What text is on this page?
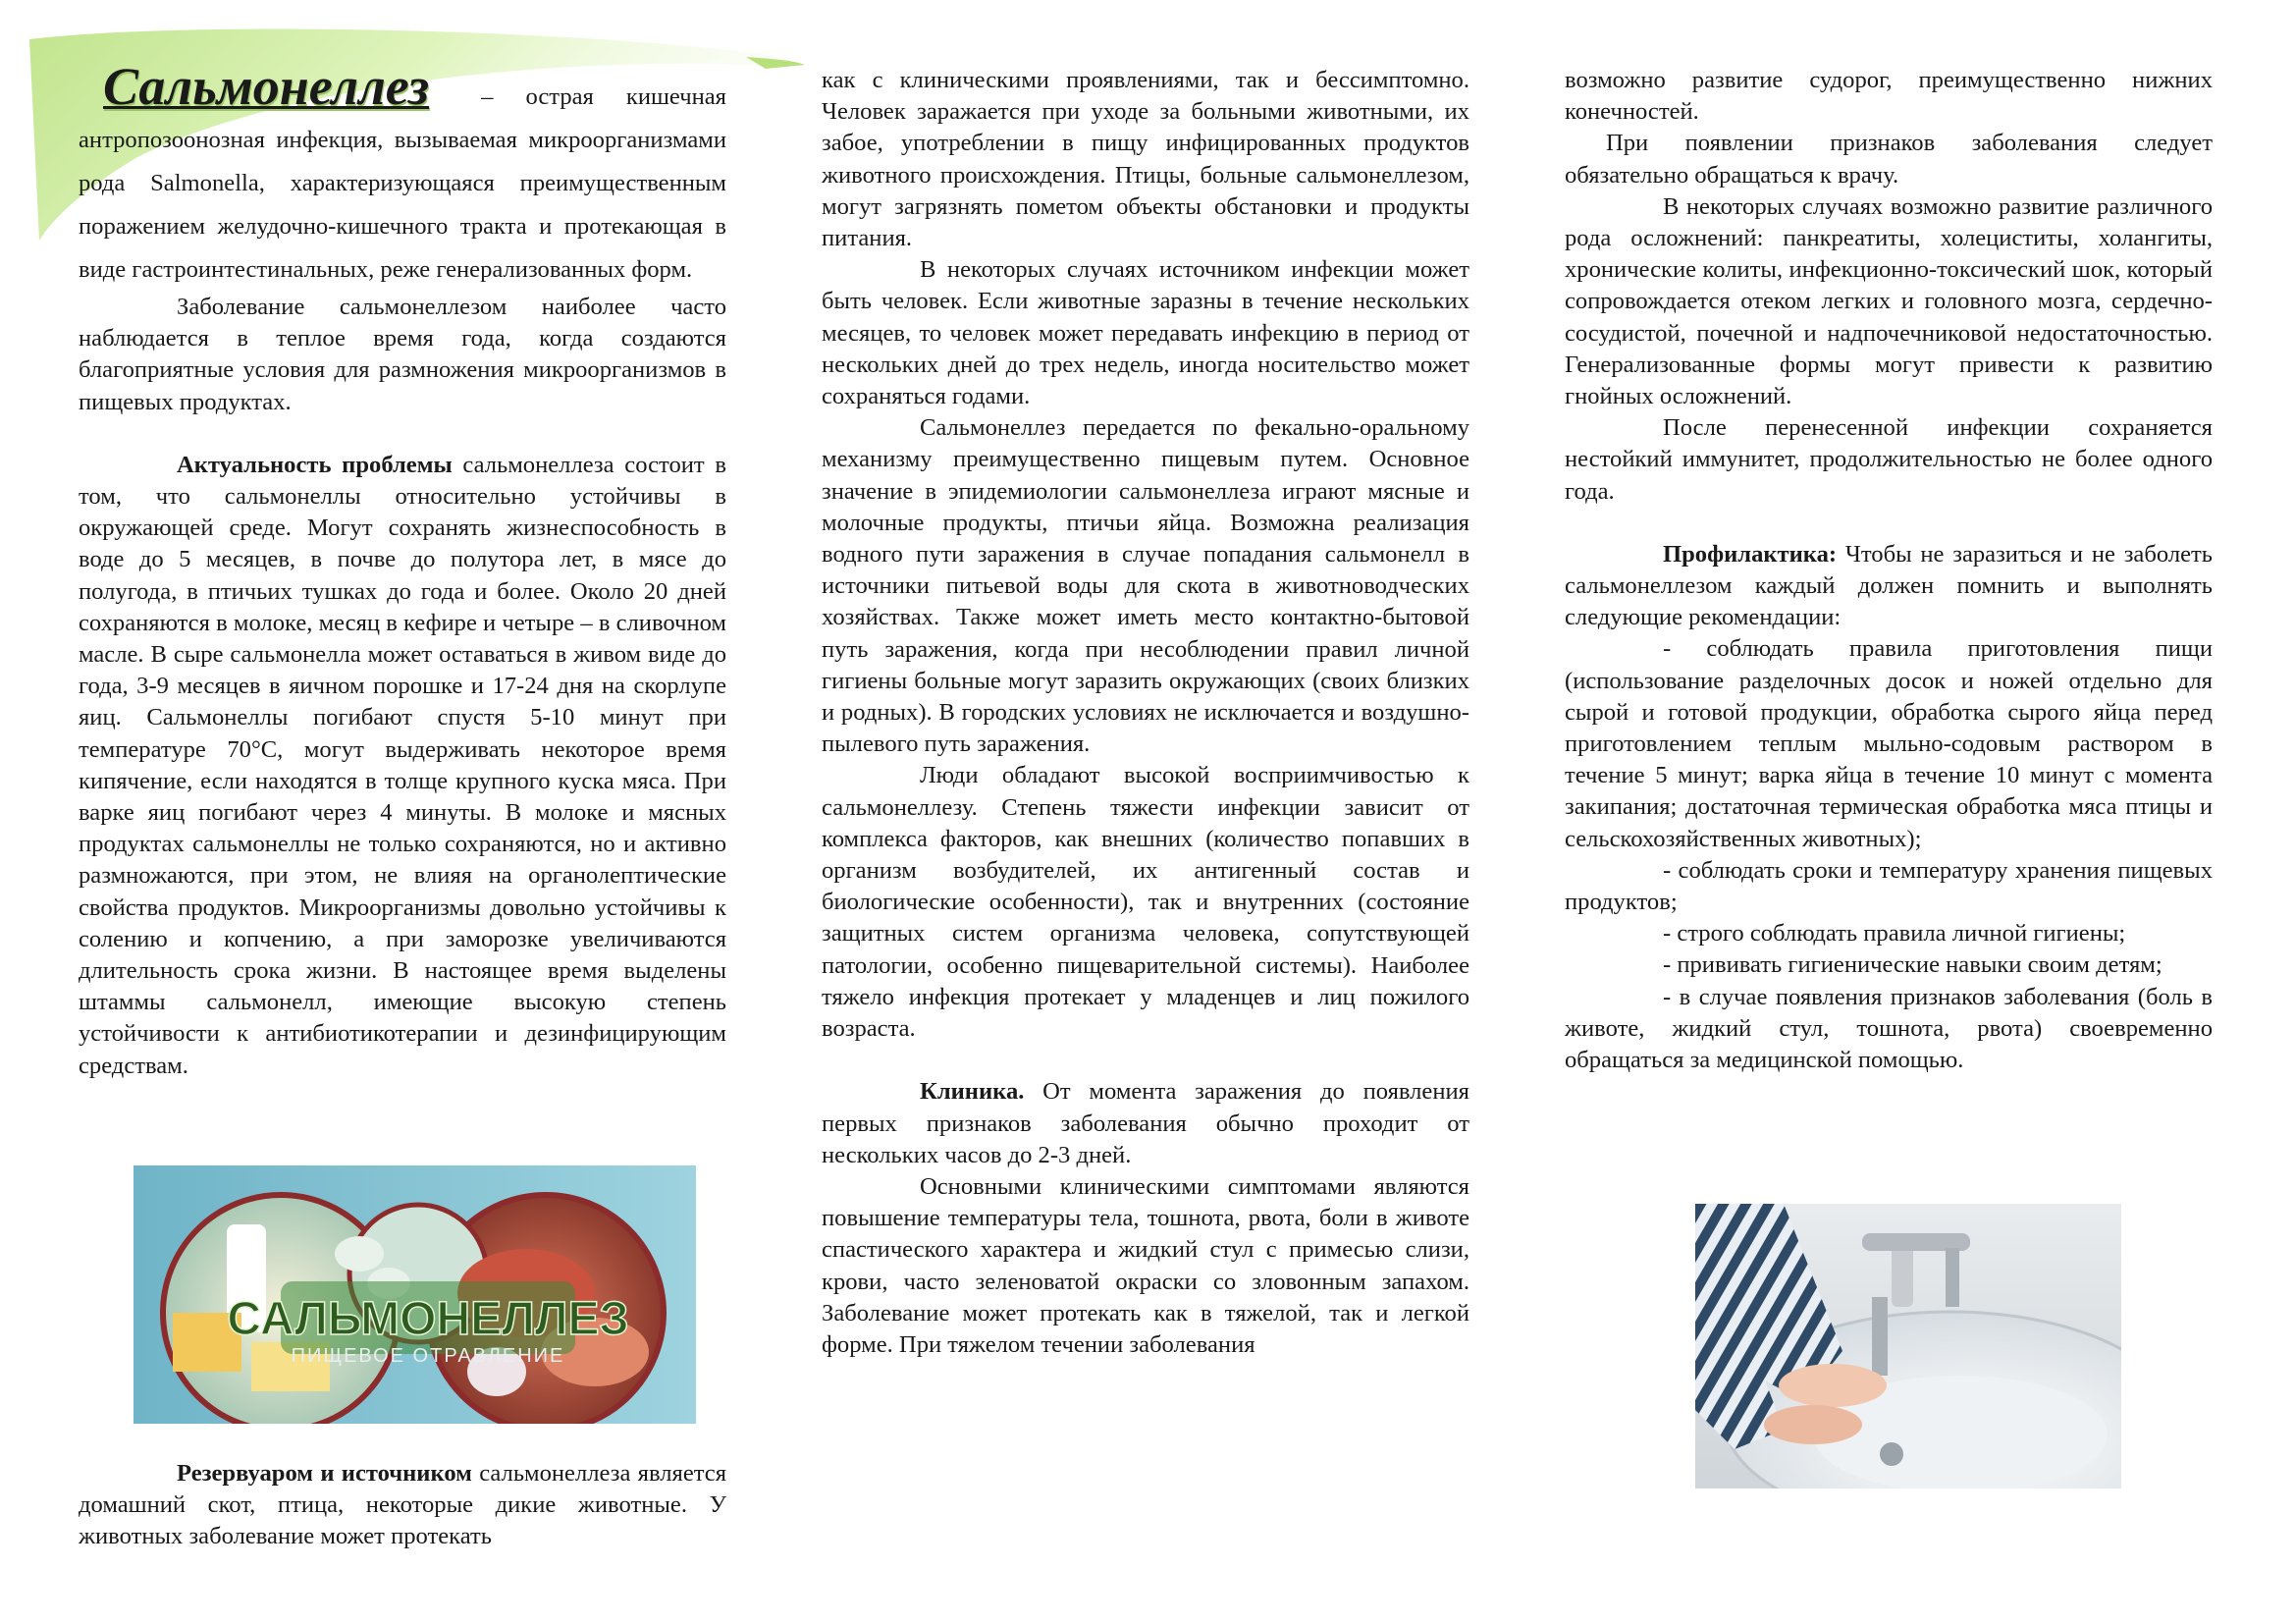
Сальмонеллез – острая кишечная антропозоонозная инфекция, вызываемая микроорганизмами рода Salmonella, характеризующаяся преимущественным поражением желудочно-кишечного тракта и протекающая в виде гастроинтестинальных, реже генерализованных форм.

Заболевание сальмонеллезом наиболее часто наблюдается в теплое время года, когда создаются благоприятные условия для размножения микроорганизмов в пищевых продуктах.

Актуальность проблемы сальмонеллеза состоит в том, что сальмонеллы относительно устойчивы в окружающей среде. Могут сохранять жизнеспособность в воде до 5 месяцев, в почве до полутора лет, в мясе до полугода, в птичьих тушках до года и более. Около 20 дней сохраняются в молоке, месяц в кефире и четыре – в сливочном масле. В сыре сальмонелла может оставаться в живом виде до года, 3-9 месяцев в яичном порошке и 17-24 дня на скорлупе яиц. Сальмонеллы погибают спустя 5-10 минут при температуре 70°С, могут выдерживать некоторое время кипячение, если находятся в толще крупного куска мяса. При варке яиц погибают через 4 минуты. В молоке и мясных продуктах сальмонеллы не только сохраняются, но и активно размножаются, при этом, не влияя на органолептические свойства продуктов. Микроорганизмы довольно устойчивы к солению и копчению, а при заморозке увеличиваются длительность срока жизни. В настоящее время выделены штаммы сальмонелл, имеющие высокую степень устойчивости к антибиотикотерапии и дезинфицирующим средствам.

САЛЬМОНЕЛЛЕЗ
ПИЩЕВОЕ ОТРАВЛЕНИЕ

Резервуаром и источником сальмонеллеза является домашний скот, птица, некоторые дикие животные. У животных заболевание может протекать

как с клиническими проявлениями, так и бессимптомно. Человек заражается при уходе за больными животными, их забое, употреблении в пищу инфицированных продуктов животного происхождения. Птицы, больные сальмонеллезом, могут загрязнять пометом объекты обстановки и продукты питания.

В некоторых случаях источником инфекции может быть человек. Если животные заразны в течение нескольких месяцев, то человек может передавать инфекцию в период от нескольких дней до трех недель, иногда носительство может сохраняться годами.

Сальмонеллез передается по фекально-оральному механизму преимущественно пищевым путем. Основное значение в эпидемиологии сальмонеллеза играют мясные и молочные продукты, птичьи яйца. Возможна реализация водного пути заражения в случае попадания сальмонелл в источники питьевой воды для скота в животноводческих хозяйствах. Также может иметь место контактно-бытовой путь заражения, когда при несоблюдении правил личной гигиены больные могут заразить окружающих (своих близких и родных). В городских условиях не исключается и воздушно-пылевого путь заражения.

Люди обладают высокой восприимчивостью к сальмонеллезу. Степень тяжести инфекции зависит от комплекса факторов, как внешних (количество попавших в организм возбудителей, их антигенный состав и биологические особенности), так и внутренних (состояние защитных систем организма человека, сопутствующей патологии, особенно пищеварительной системы). Наиболее тяжело инфекция протекает у младенцев и лиц пожилого возраста.

Клиника. От момента заражения до появления первых признаков заболевания обычно проходит от нескольких часов до 2-3 дней.

Основными клиническими симптомами являются повышение температуры тела, тошнота, рвота, боли в животе спастического характера и жидкий стул с примесью слизи, крови, часто зеленоватой окраски со зловонным запахом. Заболевание может протекать как в тяжелой, так и легкой форме. При тяжелом течении заболевания

возможно развитие судорог, преимущественно нижних конечностей.

При появлении признаков заболевания следует обязательно обращаться к врачу.

В некоторых случаях возможно развитие различного рода осложнений: панкреатиты, холециститы, холангиты, хронические колиты, инфекционно-токсический шок, который сопровождается отеком легких и головного мозга, сердечно-сосудистой, почечной и надпочечниковой недостаточностью. Генерализованные формы могут привести к развитию гнойных осложнений.

После перенесенной инфекции сохраняется нестойкий иммунитет, продолжительностью не более одного года.

Профилактика: Чтобы не заразиться и не заболеть сальмонеллезом каждый должен помнить и выполнять следующие рекомендации:

- соблюдать правила приготовления пищи (использование разделочных досок и ножей отдельно для сырой и готовой продукции, обработка сырого яйца перед приготовлением теплым мыльно-содовым раствором в течение 5 минут; варка яйца в течение 10 минут с момента закипания; достаточная термическая обработка мяса птицы и сельскохозяйственных животных);

- соблюдать сроки и температуру хранения пищевых продуктов;

- строго соблюдать правила личной гигиены;

- прививать гигиенические навыки своим детям;

- в случае появления признаков заболевания (боль в животе, жидкий стул, тошнота, рвота) своевременно обращаться за медицинской помощью.
